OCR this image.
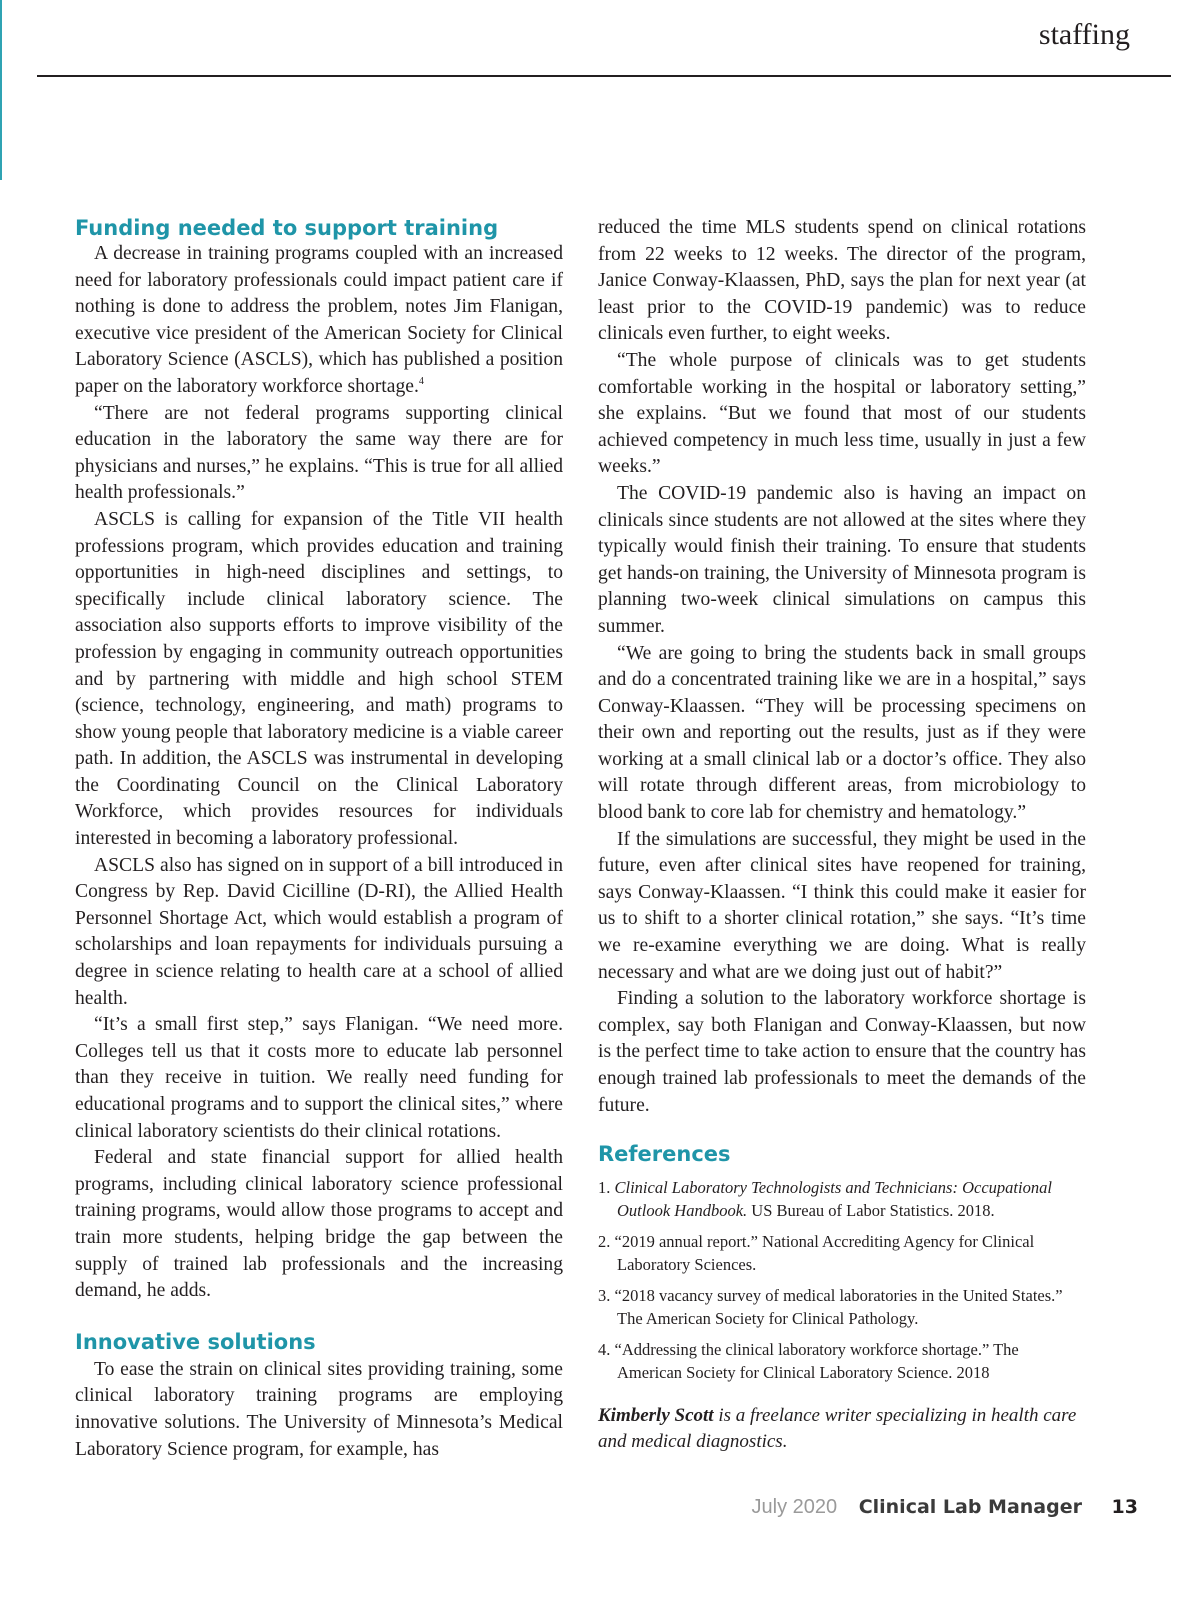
staffing
Funding needed to support training

A decrease in training programs coupled with an increased need for laboratory professionals could impact patient care if nothing is done to address the problem, notes Jim Flanigan, executive vice president of the American Society for Clinical Laboratory Science (ASCLS), which has published a position paper on the laboratory workforce shortage.$^4$

“There are not federal programs supporting clinical education in the laboratory the same way there are for physicians and nurses,” he explains. “This is true for all allied health professionals.”

ASCLS is calling for expansion of the Title VII health professions program, which provides education and training opportunities in high-need disciplines and settings, to specifically include clinical laboratory science. The association also supports efforts to improve visibility of the profession by engaging in community outreach opportunities and by partnering with middle and high school STEM (science, technology, engineering, and math) programs to show young people that laboratory medicine is a viable career path. In addition, the ASCLS was instrumental in developing the Coordinating Council on the Clinical Laboratory Workforce, which provides resources for individuals interested in becoming a laboratory professional.

ASCLS also has signed on in support of a bill introduced in Congress by Rep. David Cicilline (D-RI), the Allied Health Personnel Shortage Act, which would establish a program of scholarships and loan repayments for individuals pursuing a degree in science relating to health care at a school of allied health.

“It’s a small first step,” says Flanigan. “We need more. Colleges tell us that it costs more to educate lab personnel than they receive in tuition. We really need funding for educational programs and to support the clinical sites,” where clinical laboratory scientists do their clinical rotations.

Federal and state financial support for allied health programs, including clinical laboratory science professional training programs, would allow those programs to accept and train more students, helping bridge the gap between the supply of trained lab professionals and the increasing demand, he adds.

Innovative solutions

To ease the strain on clinical sites providing training, some clinical laboratory training programs are employing innovative solutions. The University of Minnesota’s Medical Laboratory Science program, for example, has

reduced the time MLS students spend on clinical rotations from 22 weeks to 12 weeks. The director of the program, Janice Conway-Klaassen, PhD, says the plan for next year (at least prior to the COVID-19 pandemic) was to reduce clinicals even further, to eight weeks.

“The whole purpose of clinicals was to get students comfortable working in the hospital or laboratory setting,” she explains. “But we found that most of our students achieved competency in much less time, usually in just a few weeks.”

The COVID-19 pandemic also is having an impact on clinicals since students are not allowed at the sites where they typically would finish their training. To ensure that students get hands-on training, the University of Minnesota program is planning two-week clinical simulations on campus this summer.

“We are going to bring the students back in small groups and do a concentrated training like we are in a hospital,” says Conway-Klaassen. “They will be processing specimens on their own and reporting out the results, just as if they were working at a small clinical lab or a doctor’s office. They also will rotate through different areas, from microbiology to blood bank to core lab for chemistry and hematology.”

If the simulations are successful, they might be used in the future, even after clinical sites have reopened for training, says Conway-Klaassen. “I think this could make it easier for us to shift to a shorter clinical rotation,” she says. “It’s time we re-examine everything we are doing. What is really necessary and what are we doing just out of habit?”

Finding a solution to the laboratory workforce shortage is complex, say both Flanigan and Conway-Klaassen, but now is the perfect time to take action to ensure that the country has enough trained lab professionals to meet the demands of the future.

References
1. Clinical Laboratory Technologists and Technicians: Occupational Outlook Handbook. US Bureau of Labor Statistics. 2018.
2. “2019 annual report.” National Accrediting Agency for Clinical Laboratory Sciences.
3. “2018 vacancy survey of medical laboratories in the United States.” The American Society for Clinical Pathology.
4. “Addressing the clinical laboratory workforce shortage.” The American Society for Clinical Laboratory Science. 2018
Kimberly Scott is a freelance writer specializing in health care and medical diagnostics.
July 2020 Clinical Lab Manager 13
